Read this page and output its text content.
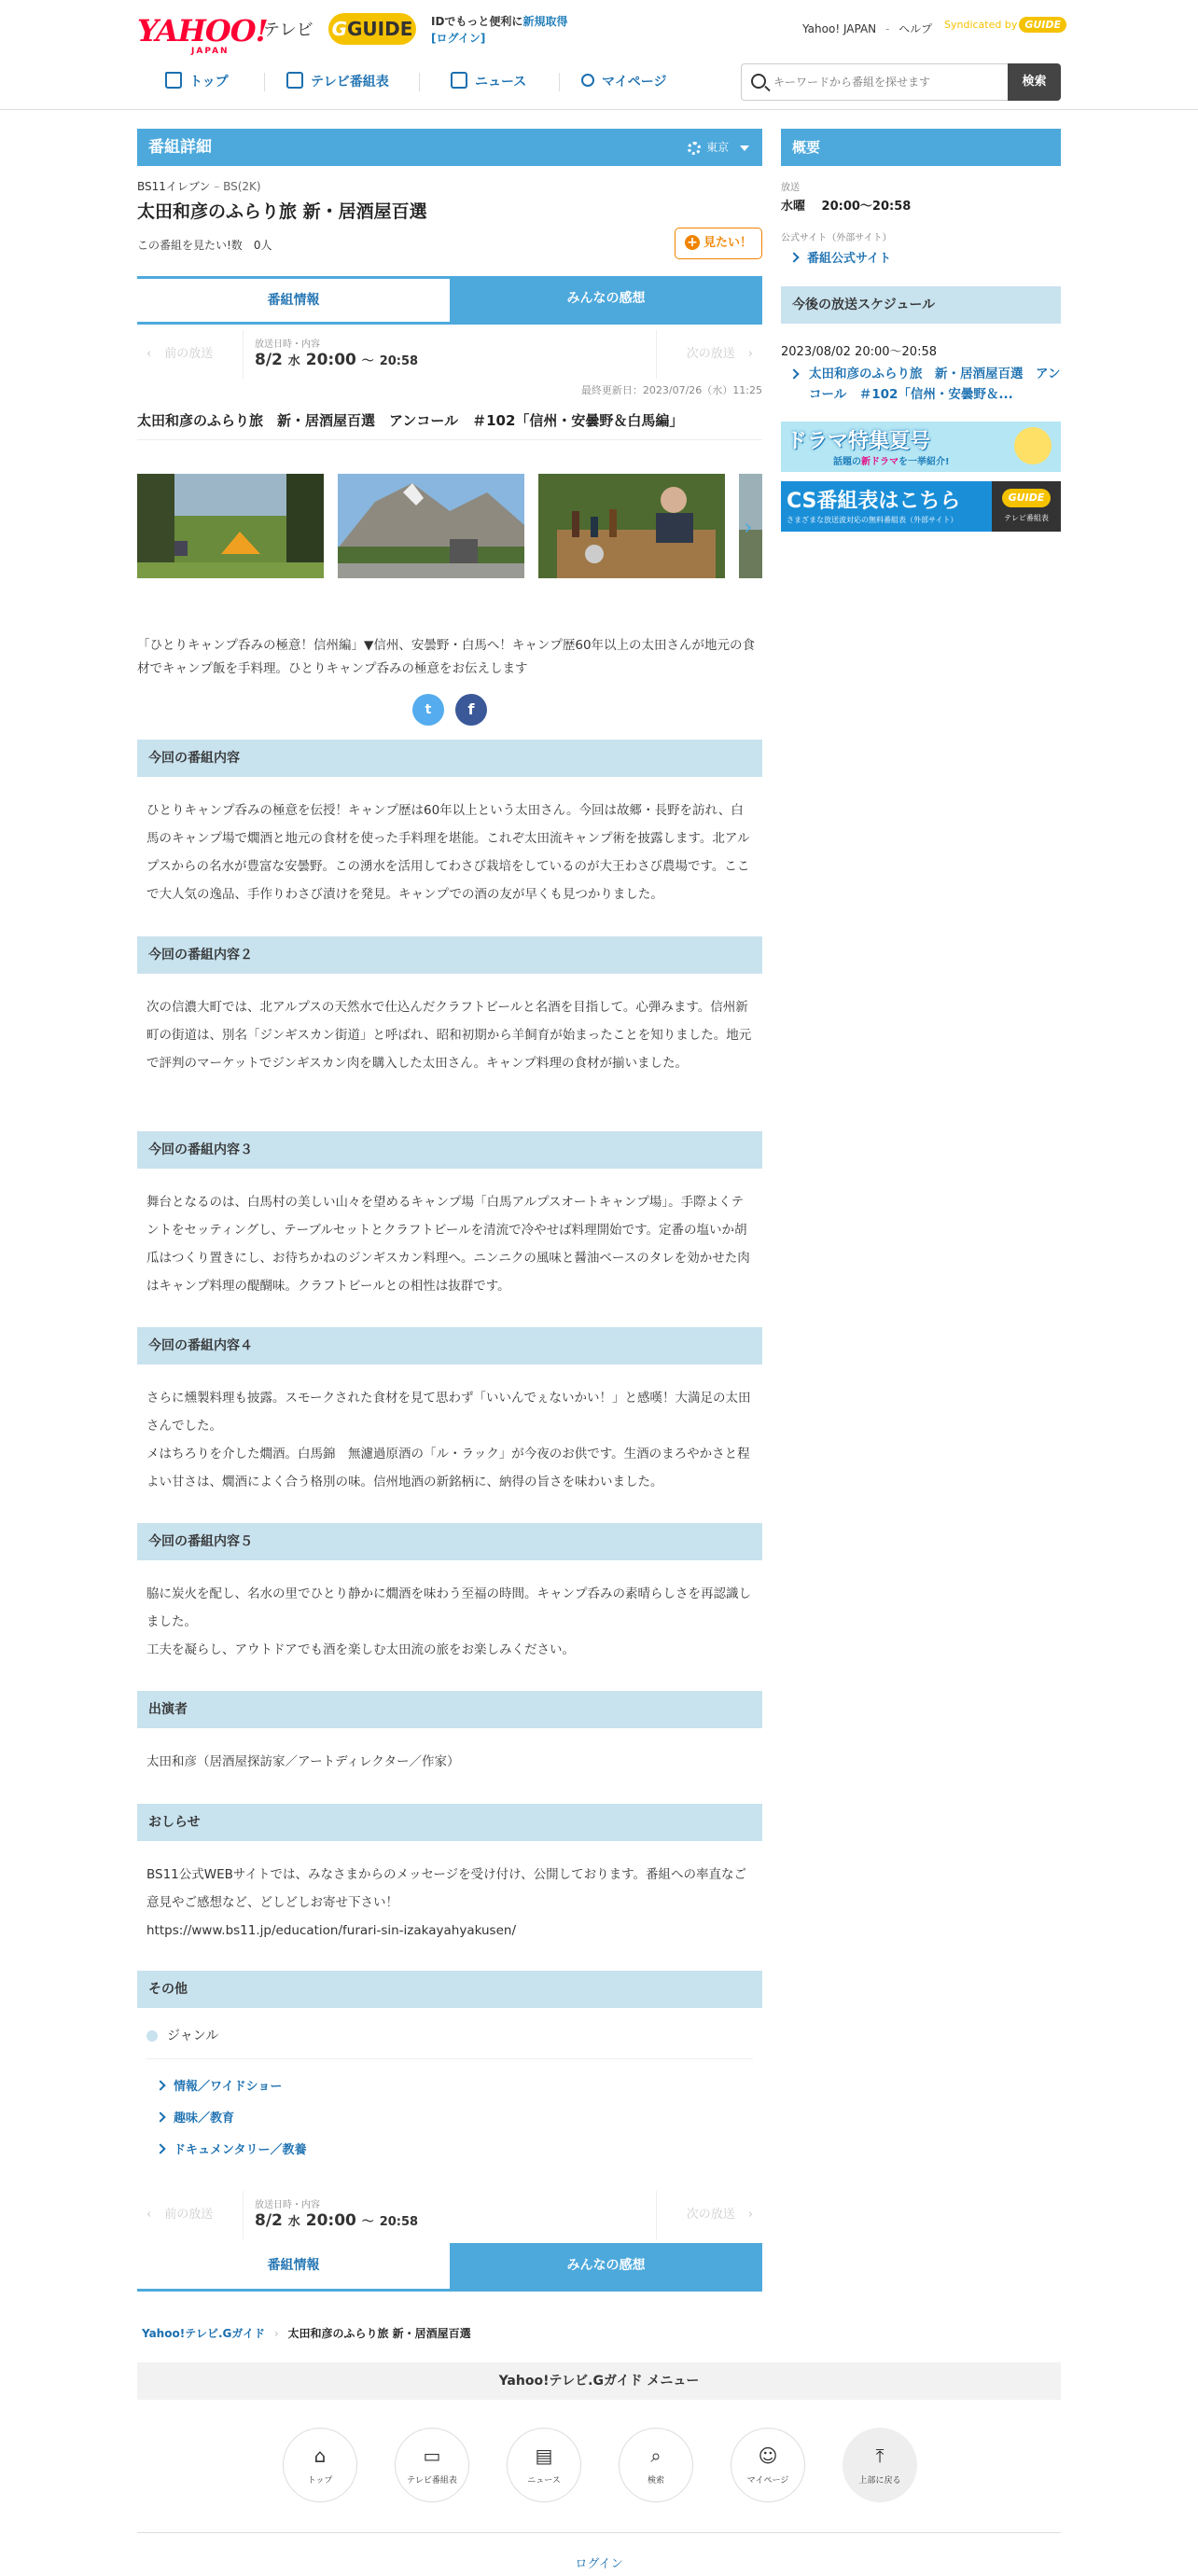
YAHOO!
JAPAN
テレビ GGUIDE	IDでもっと便利に新規取得
[ログイン]
Yahoo! JAPAN - ヘルプ Syndicated by GUIDE
トップ	テレビ番組表	ニュース	マイページ
キーワードから番組を探せます	検索
番組詳細	東京
BS11イレブン – BS(2K)
太田和彦のふらり旅 新・居酒屋百選
この番組を見たい!数　 0人	+ 見たい！
番組情報	みんなの感想
‹ 前の放送
放送日時・内容
8/2 水 20:00 〜 20:58
次の放送 ›
最終更新日：2023/07/26（水）11:25
太田和彦のふらり旅　新・居酒屋百選　アンコール　＃102「信州・安曇野＆白馬編」
›
「ひとりキャンプ呑みの極意！信州編」▼信州、安曇野・白馬へ！キャンプ歴60年以上の太田さんが地元の食材でキャンプ飯を手料理。ひとりキャンプ呑みの極意をお伝えします
t	f
今回の番組内容
ひとりキャンプ呑みの極意を伝授！キャンプ歴は60年以上という太田さん。今回は故郷・長野を訪れ、白馬のキャンプ場で燗酒と地元の食材を使った手料理を堪能。これぞ太田流キャンプ術を披露します。北アルプスからの名水が豊富な安曇野。この湧水を活用してわさび栽培をしているのが大王わさび農場です。ここで大人気の逸品、手作りわさび漬けを発見。キャンプでの酒の友が早くも見つかりました。
今回の番組内容２
次の信濃大町では、北アルプスの天然水で仕込んだクラフトビールと名酒を目指して。心弾みます。信州新町の街道は、別名「ジンギスカン街道」と呼ばれ、昭和初期から羊飼育が始まったことを知りました。地元で評判のマーケットでジンギスカン肉を購入した太田さん。キャンプ料理の食材が揃いました。
今回の番組内容３
舞台となるのは、白馬村の美しい山々を望めるキャンプ場「白馬アルプスオートキャンプ場」。手際よくテントをセッティングし、テーブルセットとクラフトビールを清流で冷やせば料理開始です。定番の塩いか胡瓜はつくり置きにし、お待ちかねのジンギスカン料理へ。ニンニクの風味と醤油ベースのタレを効かせた肉はキャンプ料理の醍醐味。クラフトビールとの相性は抜群です。
今回の番組内容４
さらに燻製料理も披露。スモークされた食材を見て思わず「いいんでぇないかい！」と感嘆！大満足の太田さんでした。
メはちろりを介した燗酒。白馬錦　無濾過原酒の「ル・ラック」が今夜のお供です。生酒のまろやかさと程よい甘さは、燗酒によく合う格別の味。信州地酒の新銘柄に、納得の旨さを味わいました。
今回の番組内容５
脇に炭火を配し、名水の里でひとり静かに燗酒を味わう至福の時間。キャンプ呑みの素晴らしさを再認識しました。
工夫を凝らし、アウトドアでも酒を楽しむ太田流の旅をお楽しみください。
出演者
太田和彦（居酒屋探訪家／アートディレクター／作家）
おしらせ
BS11公式WEBサイトでは、みなさまからのメッセージを受け付け、公開しております。番組への率直なご意見やご感想など、どしどしお寄せ下さい！
https://www.bs11.jp/education/furari-sin-izakayahyakusen/
その他
ジャンル
情報／ワイドショー
趣味／教育
ドキュメンタリー／教養
‹ 前の放送
放送日時・内容
8/2 水 20:00 〜 20:58
次の放送 ›
番組情報	みんなの感想
概要
放送
水曜　 20:00〜20:58
公式サイト（外部サイト）
番組公式サイト
今後の放送スケジュール
2023/08/02 20:00〜20:58
太田和彦のふらり旅　新・居酒屋百選　アンコール　＃102「信州・安曇野＆...
ドラマ特集夏号
話題の新ドラマを一挙紹介!
CS番組表はこちら
さまざまな放送波対応の無料番組表（外部サイト）
GUIDE
テレビ番組表
Yahoo!テレビ.Gガイド › 太田和彦のふらり旅 新・居酒屋百選
Yahoo!テレビ.Gガイド メニュー
⌂
トップ
▭
テレビ番組表
▤
ニュース
⌕
検索
☺
マイページ
⤒
上部に戻る
ログイン
